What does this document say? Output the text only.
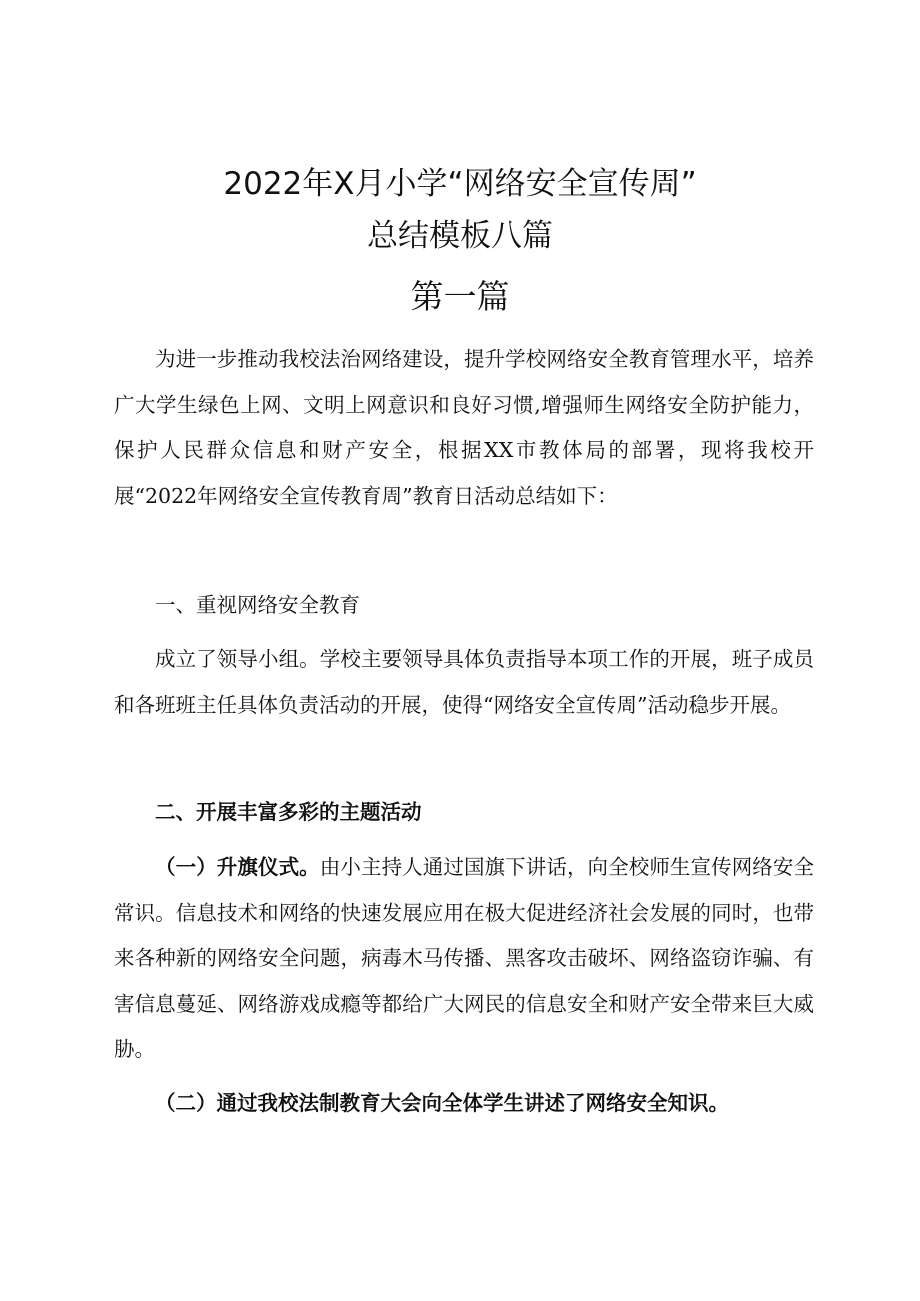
2022年X月小学“网络安全宣传周”
总结模板八篇
第一篇

为进一步推动我校法治网络建设，提升学校网络安全教育管理水平，培养广大学生绿色上网、文明上网意识和良好习惯,增强师生网络安全防护能力，保护人民群众信息和财产安全，根据XX市教体局的部署，现将我校开展“2022年网络安全宣传教育周”教育日活动总结如下：

一、重视网络安全教育

成立了领导小组。学校主要领导具体负责指导本项工作的开展，班子成员和各班班主任具体负责活动的开展，使得“网络安全宣传周”活动稳步开展。

二、开展丰富多彩的主题活动

（一）升旗仪式。由小主持人通过国旗下讲话，向全校师生宣传网络安全常识。信息技术和网络的快速发展应用在极大促进经济社会发展的同时，也带来各种新的网络安全问题，病毒木马传播、黑客攻击破坏、网络盗窃诈骗、有害信息蔓延、网络游戏成瘾等都给广大网民的信息安全和财产安全带来巨大威胁。

（二）通过我校法制教育大会向全体学生讲述了网络安全知识。
